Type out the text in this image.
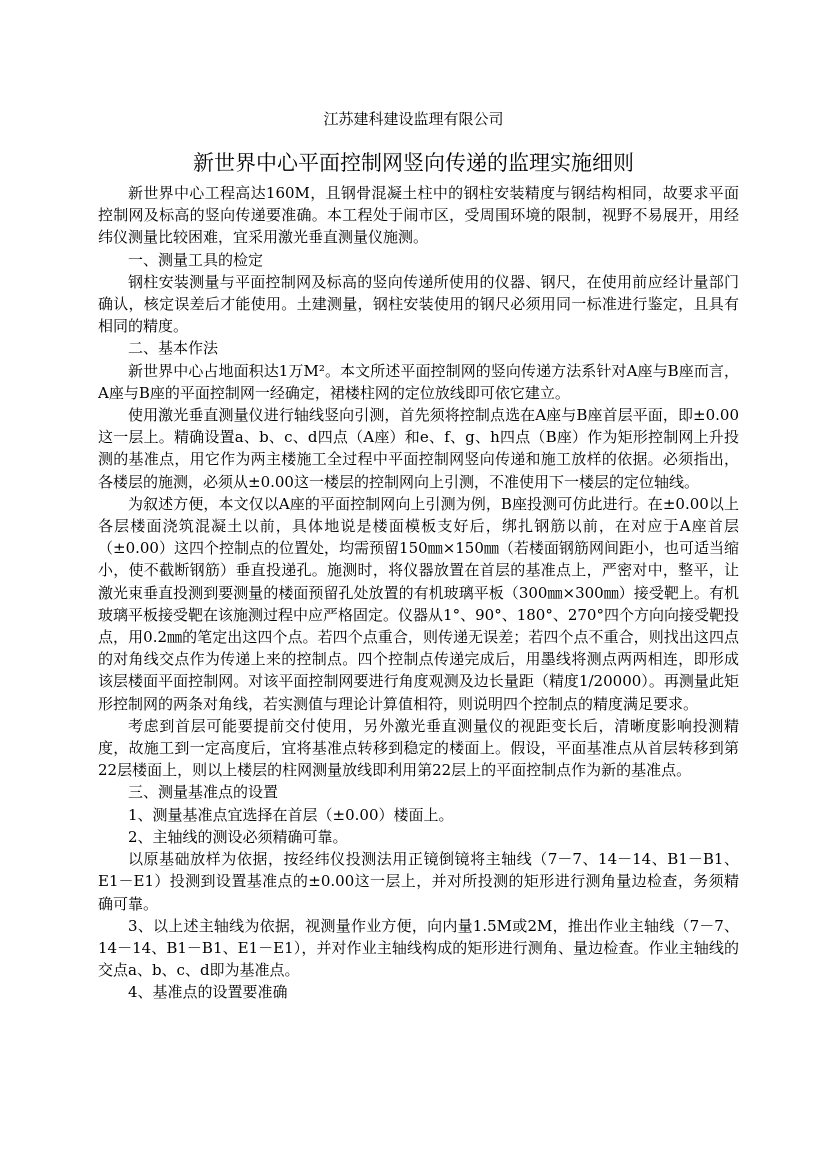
江苏建科建设监理有限公司
新世界中心平面控制网竖向传递的监理实施细则

新世界中心工程高达160M，且钢骨混凝土柱中的钢柱安装精度与钢结构相同，故要求平面控制网及标高的竖向传递要准确。本工程处于闹市区，受周围环境的限制，视野不易展开，用经纬仪测量比较困难，宜采用激光垂直测量仪施测。

一、测量工具的检定

钢柱安装测量与平面控制网及标高的竖向传递所使用的仪器、钢尺，在使用前应经计量部门确认，核定误差后才能使用。土建测量，钢柱安装使用的钢尺必须用同一标准进行鉴定，且具有相同的精度。

二、基本作法

新世界中心占地面积达1万M²。本文所述平面控制网的竖向传递方法系针对A座与B座而言，A座与B座的平面控制网一经确定，裙楼柱网的定位放线即可依它建立。

使用激光垂直测量仪进行轴线竖向引测，首先须将控制点选在A座与B座首层平面，即±0.00这一层上。精确设置a、b、c、d四点（A座）和e、f、g、h四点（B座）作为矩形控制网上升投测的基准点，用它作为两主楼施工全过程中平面控制网竖向传递和施工放样的依据。必须指出，各楼层的施测，必须从±0.00这一楼层的控制网向上引测，不准使用下一楼层的定位轴线。

为叙述方便，本文仅以A座的平面控制网向上引测为例，B座投测可仿此进行。在±0.00以上各层楼面浇筑混凝土以前，具体地说是楼面模板支好后，绑扎钢筋以前，在对应于A座首层（±0.00）这四个控制点的位置处，均需预留150㎜×150㎜（若楼面钢筋网间距小，也可适当缩小，使不截断钢筋）垂直投递孔。施测时，将仪器放置在首层的基准点上，严密对中，整平，让激光束垂直投测到要测量的楼面预留孔处放置的有机玻璃平板（300㎜×300㎜）接受靶上。有机玻璃平板接受靶在该施测过程中应严格固定。仪器从1°、90°、180°、270°四个方向向接受靶投点，用0.2㎜的笔定出这四个点。若四个点重合，则传递无误差；若四个点不重合，则找出这四点的对角线交点作为传递上来的控制点。四个控制点传递完成后，用墨线将测点两两相连，即形成该层楼面平面控制网。对该平面控制网要进行角度观测及边长量距（精度1/20000）。再测量此矩形控制网的两条对角线，若实测值与理论计算值相符，则说明四个控制点的精度满足要求。

考虑到首层可能要提前交付使用，另外激光垂直测量仪的视距变长后，清晰度影响投测精度，故施工到一定高度后，宜将基准点转移到稳定的楼面上。假设，平面基准点从首层转移到第22层楼面上，则以上楼层的柱网测量放线即利用第22层上的平面控制点作为新的基准点。

三、测量基准点的设置

1、测量基准点宜选择在首层（±0.00）楼面上。

2、主轴线的测设必须精确可靠。

以原基础放样为依据，按经纬仪投测法用正镜倒镜将主轴线（7－7、14－14、B1－B1、E1－E1）投测到设置基准点的±0.00这一层上，并对所投测的矩形进行测角量边检查，务须精确可靠。

3、以上述主轴线为依据，视测量作业方便，向内量1.5M或2M，推出作业主轴线（7－7、14－14、B1－B1、E1－E1），并对作业主轴线构成的矩形进行测角、量边检查。作业主轴线的交点a、b、c、d即为基准点。

4、基准点的设置要准确
